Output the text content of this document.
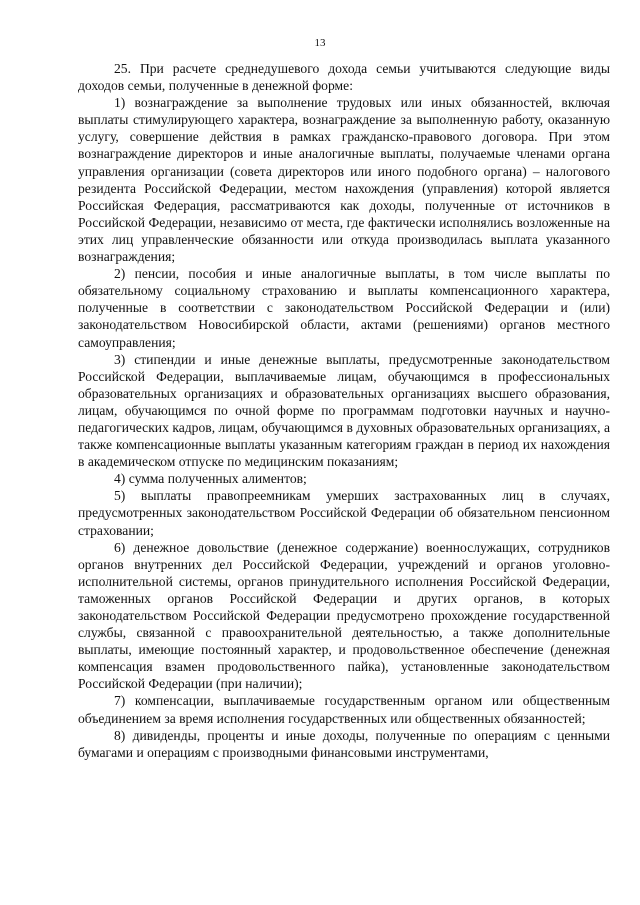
13

25. При расчете среднедушевого дохода семьи учитываются следующие виды доходов семьи, полученные в денежной форме:

1) вознаграждение за выполнение трудовых или иных обязанностей, включая выплаты стимулирующего характера, вознаграждение за выполненную работу, оказанную услугу, совершение действия в рамках гражданско-правового договора. При этом вознаграждение директоров и иные аналогичные выплаты, получаемые членами органа управления организации (совета директоров или иного подобного органа) – налогового резидента Российской Федерации, местом нахождения (управления) которой является Российская Федерация, рассматриваются как доходы, полученные от источников в Российской Федерации, независимо от места, где фактически исполнялись возложенные на этих лиц управленческие обязанности или откуда производилась выплата указанного вознаграждения;

2) пенсии, пособия и иные аналогичные выплаты, в том числе выплаты по обязательному социальному страхованию и выплаты компенсационного характера, полученные в соответствии с законодательством Российской Федерации и (или) законодательством Новосибирской области, актами (решениями) органов местного самоуправления;

3) стипендии и иные денежные выплаты, предусмотренные законодательством Российской Федерации, выплачиваемые лицам, обучающимся в профессиональных образовательных организациях и образовательных организациях высшего образования, лицам, обучающимся по очной форме по программам подготовки научных и научно-педагогических кадров, лицам, обучающимся в духовных образовательных организациях, а также компенсационные выплаты указанным категориям граждан в период их нахождения в академическом отпуске по медицинским показаниям;

4) сумма полученных алиментов;

5) выплаты правопреемникам умерших застрахованных лиц в случаях, предусмотренных законодательством Российской Федерации об обязательном пенсионном страховании;

6) денежное довольствие (денежное содержание) военнослужащих, сотрудников органов внутренних дел Российской Федерации, учреждений и органов уголовно-исполнительной системы, органов принудительного исполнения Российской Федерации, таможенных органов Российской Федерации и других органов, в которых законодательством Российской Федерации предусмотрено прохождение государственной службы, связанной с правоохранительной деятельностью, а также дополнительные выплаты, имеющие постоянный характер, и продовольственное обеспечение (денежная компенсация взамен продовольственного пайка), установленные законодательством Российской Федерации (при наличии);

7) компенсации, выплачиваемые государственным органом или общественным объединением за время исполнения государственных или общественных обязанностей;

8) дивиденды, проценты и иные доходы, полученные по операциям с ценными бумагами и операциям с производными финансовыми инструментами,
